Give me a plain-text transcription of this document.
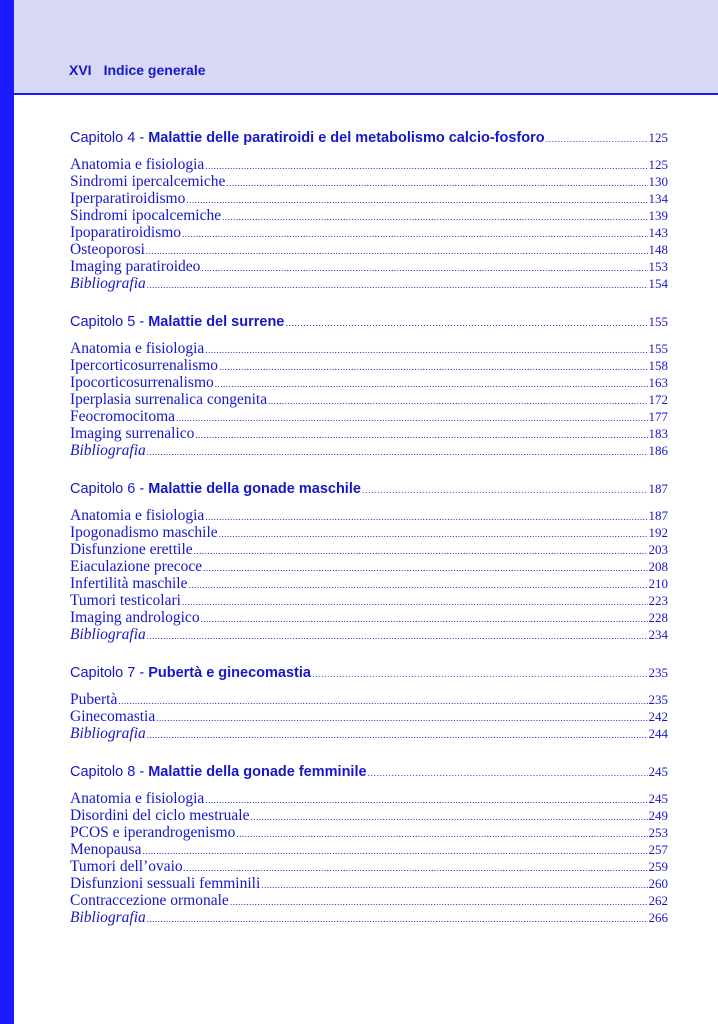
XVI Indice generale
Capitolo 4 - Malattie delle paratiroidi e del metabolismo calcio-fosforo .....	125
Anatomia e fisiologia .....	125
Sindromi ipercalcemiche .....	130
Iperparatiroidismo .....	134
Sindromi ipocalcemiche .....	139
Ipoparatiroidismo .....	143
Osteoporosi .....	148
Imaging paratiroideo .....	153
Bibliografia .....	154
Capitolo 5 - Malattie del surrene .....	155
Anatomia e fisiologia .....	155
Ipercorticosurrenalismo .....	158
Ipocorticosurrenalismo .....	163
Iperplasia surrenalica congenita .....	172
Feocromocitoma .....	177
Imaging surrenalico .....	183
Bibliografia .....	186
Capitolo 6 - Malattie della gonade maschile .....	187
Anatomia e fisiologia .....	187
Ipogonadismo maschile .....	192
Disfunzione erettile .....	203
Eiaculazione precoce .....	208
Infertilità maschile .....	210
Tumori testicolari .....	223
Imaging andrologico .....	228
Bibliografia .....	234
Capitolo 7 - Pubertà e ginecomastia .....	235
Pubertà .....	235
Ginecomastia .....	242
Bibliografia .....	244
Capitolo 8 - Malattie della gonade femminile .....	245
Anatomia e fisiologia .....	245
Disordini del ciclo mestruale .....	249
PCOS e iperandrogenismo .....	253
Menopausa .....	257
Tumori dell’ovaio .....	259
Disfunzioni sessuali femminili .....	260
Contraccezione ormonale .....	262
Bibliografia .....	266
